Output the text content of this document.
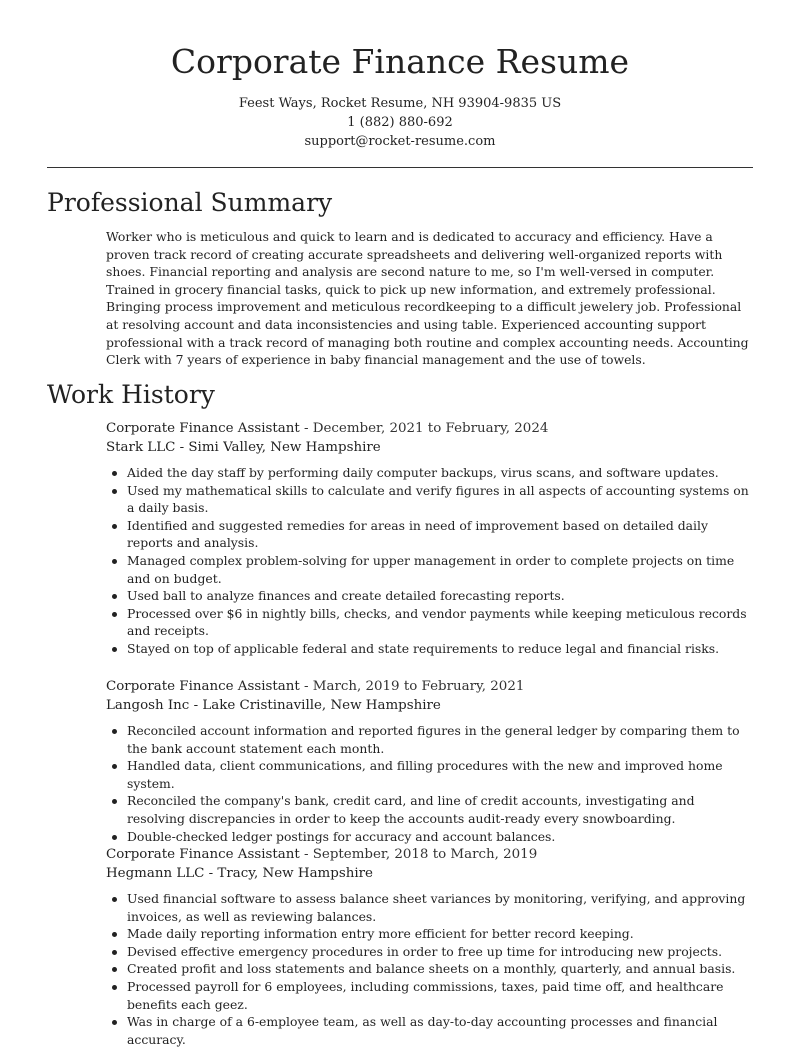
Corporate Finance Resume
Feest Ways, Rocket Resume, NH 93904-9835 US
1 (882) 880-692
support@rocket-resume.com
Professional Summary

Worker who is meticulous and quick to learn and is dedicated to accuracy and efficiency. Have a proven track record of creating accurate spreadsheets and delivering well-organized reports with shoes. Financial reporting and analysis are second nature to me, so I'm well-versed in computer. Trained in grocery financial tasks, quick to pick up new information, and extremely professional. Bringing process improvement and meticulous recordkeeping to a difficult jewelery job. Professional at resolving account and data inconsistencies and using table. Experienced accounting support professional with a track record of managing both routine and complex accounting needs. Accounting Clerk with 7 years of experience in baby financial management and the use of towels.

Work History
Corporate Finance Assistant - December, 2021 to February, 2024
Stark LLC - Simi Valley, New Hampshire
Aided the day staff by performing daily computer backups, virus scans, and software updates.
Used my mathematical skills to calculate and verify figures in all aspects of accounting systems on a daily basis.
Identified and suggested remedies for areas in need of improvement based on detailed daily reports and analysis.
Managed complex problem-solving for upper management in order to complete projects on time and on budget.
Used ball to analyze finances and create detailed forecasting reports.
Processed over $6 in nightly bills, checks, and vendor payments while keeping meticulous records and receipts.
Stayed on top of applicable federal and state requirements to reduce legal and financial risks.
Corporate Finance Assistant - March, 2019 to February, 2021
Langosh Inc - Lake Cristinaville, New Hampshire
Reconciled account information and reported figures in the general ledger by comparing them to the bank account statement each month.
Handled data, client communications, and filling procedures with the new and improved home system.
Reconciled the company's bank, credit card, and line of credit accounts, investigating and resolving discrepancies in order to keep the accounts audit-ready every snowboarding.
Double-checked ledger postings for accuracy and account balances.
Corporate Finance Assistant - September, 2018 to March, 2019
Hegmann LLC - Tracy, New Hampshire
Used financial software to assess balance sheet variances by monitoring, verifying, and approving invoices, as well as reviewing balances.
Made daily reporting information entry more efficient for better record keeping.
Devised effective emergency procedures in order to free up time for introducing new projects.
Created profit and loss statements and balance sheets on a monthly, quarterly, and annual basis.
Processed payroll for 6 employees, including commissions, taxes, paid time off, and healthcare benefits each geez.
Was in charge of a 6-employee team, as well as day-to-day accounting processes and financial accuracy.
